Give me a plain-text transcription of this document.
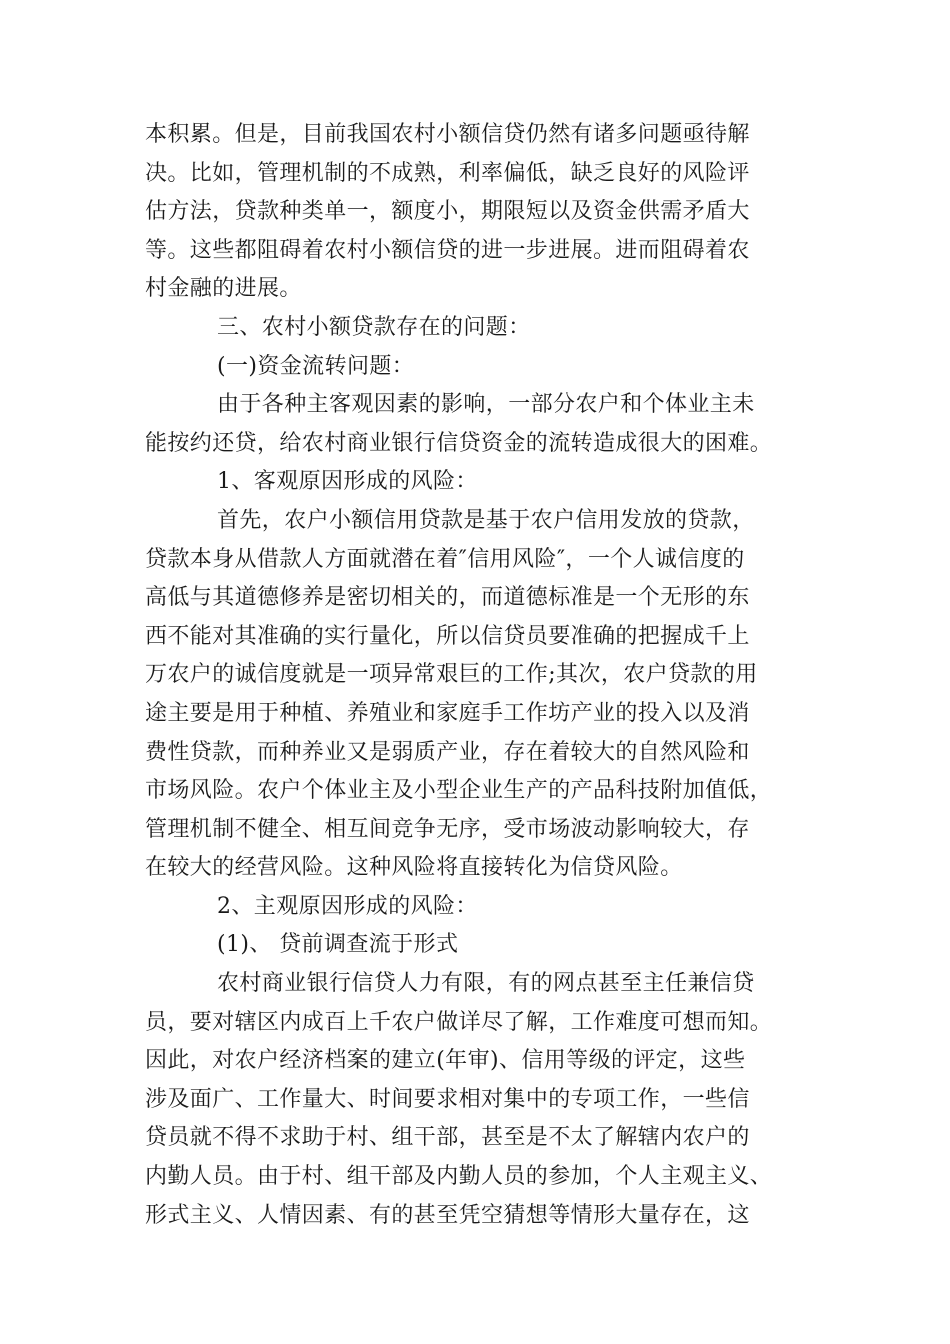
本积累。但是，目前我国农村小额信贷仍然有诸多问题亟待解
决。比如，管理机制的不成熟，利率偏低，缺乏良好的风险评
估方法，贷款种类单一，额度小，期限短以及资金供需矛盾大
等。这些都阻碍着农村小额信贷的进一步进展。进而阻碍着农
村金融的进展。
三、农村小额贷款存在的问题：
(一)资金流转问题：
由于各种主客观因素的影响，一部分农户和个体业主未
能按约还贷，给农村商业银行信贷资金的流转造成很大的困难。
1、客观原因形成的风险：
首先，农户小额信用贷款是基于农户信用发放的贷款，
贷款本身从借款人方面就潜在着″信用风险″，一个人诚信度的
高低与其道德修养是密切相关的，而道德标准是一个无形的东
西不能对其准确的实行量化，所以信贷员要准确的把握成千上
万农户的诚信度就是一项异常艰巨的工作;其次，农户贷款的用
途主要是用于种植、养殖业和家庭手工作坊产业的投入以及消
费性贷款，而种养业又是弱质产业，存在着较大的自然风险和
市场风险。农户个体业主及小型企业生产的产品科技附加值低，
管理机制不健全、相互间竞争无序，受市场波动影响较大，存
在较大的经营风险。这种风险将直接转化为信贷风险。
2、主观原因形成的风险：
(1)、 贷前调查流于形式
农村商业银行信贷人力有限，有的网点甚至主任兼信贷
员，要对辖区内成百上千农户做详尽了解，工作难度可想而知。
因此，对农户经济档案的建立(年审)、信用等级的评定，这些
涉及面广、工作量大、时间要求相对集中的专项工作，一些信
贷员就不得不求助于村、组干部，甚至是不太了解辖内农户的
内勤人员。由于村、组干部及内勤人员的参加，个人主观主义、
形式主义、人情因素、有的甚至凭空猜想等情形大量存在，这
